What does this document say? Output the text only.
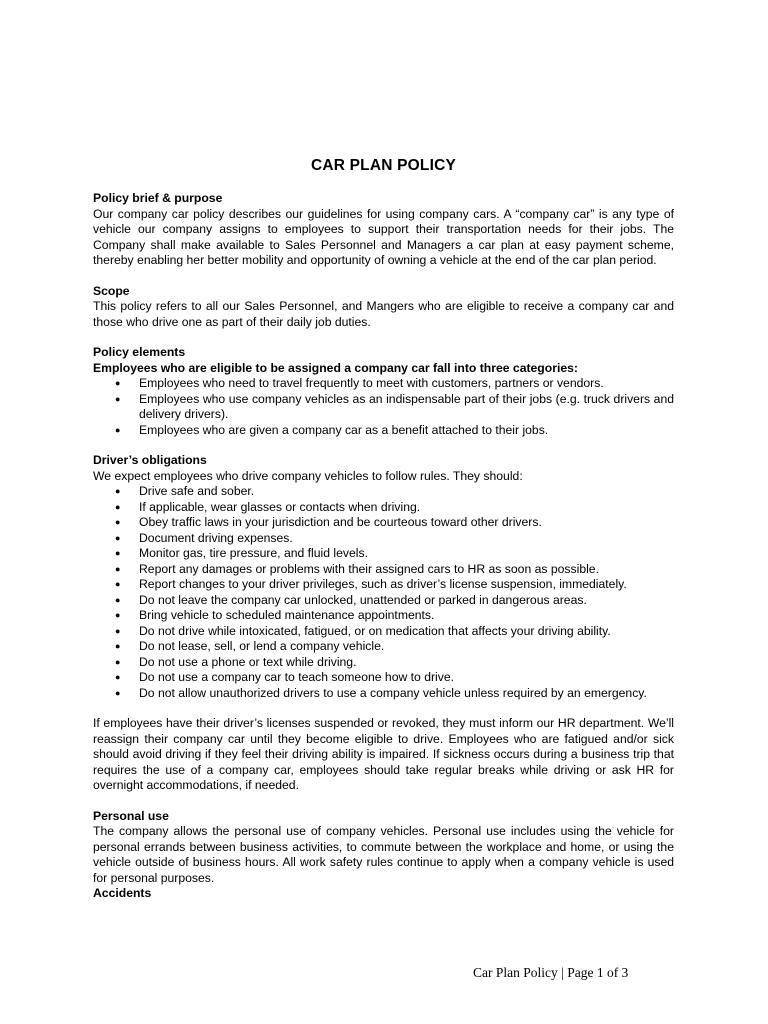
CAR PLAN POLICY

Policy brief & purpose

Our company car policy describes our guidelines for using company cars. A “company car” is any type of vehicle our company assigns to employees to support their transportation needs for their jobs. The Company shall make available to Sales Personnel and Managers a car plan at easy payment scheme, thereby enabling her better mobility and opportunity of owning a vehicle at the end of the car plan period.

Scope

This policy refers to all our Sales Personnel, and Mangers who are eligible to receive a company car and those who drive one as part of their daily job duties.

Policy elements

Employees who are eligible to be assigned a company car fall into three categories:

● Employees who need to travel frequently to meet with customers, partners or vendors.
● Employees who use company vehicles as an indispensable part of their jobs (e.g. truck drivers and delivery drivers).
● Employees who are given a company car as a benefit attached to their jobs.

Driver’s obligations

We expect employees who drive company vehicles to follow rules. They should:

● Drive safe and sober.
● If applicable, wear glasses or contacts when driving.
● Obey traffic laws in your jurisdiction and be courteous toward other drivers.
● Document driving expenses.
● Monitor gas, tire pressure, and fluid levels.
● Report any damages or problems with their assigned cars to HR as soon as possible.
● Report changes to your driver privileges, such as driver’s license suspension, immediately.
● Do not leave the company car unlocked, unattended or parked in dangerous areas.
● Bring vehicle to scheduled maintenance appointments.
● Do not drive while intoxicated, fatigued, or on medication that affects your driving ability.
● Do not lease, sell, or lend a company vehicle.
● Do not use a phone or text while driving.
● Do not use a company car to teach someone how to drive.
● Do not allow unauthorized drivers to use a company vehicle unless required by an emergency.

If employees have their driver’s licenses suspended or revoked, they must inform our HR department. We’ll reassign their company car until they become eligible to drive. Employees who are fatigued and/or sick should avoid driving if they feel their driving ability is impaired. If sickness occurs during a business trip that requires the use of a company car, employees should take regular breaks while driving or ask HR for overnight accommodations, if needed.

Personal use

The company allows the personal use of company vehicles. Personal use includes using the vehicle for personal errands between business activities, to commute between the workplace and home, or using the vehicle outside of business hours. All work safety rules continue to apply when a company vehicle is used for personal purposes.

Accidents

Car Plan Policy | Page 1 of 3
